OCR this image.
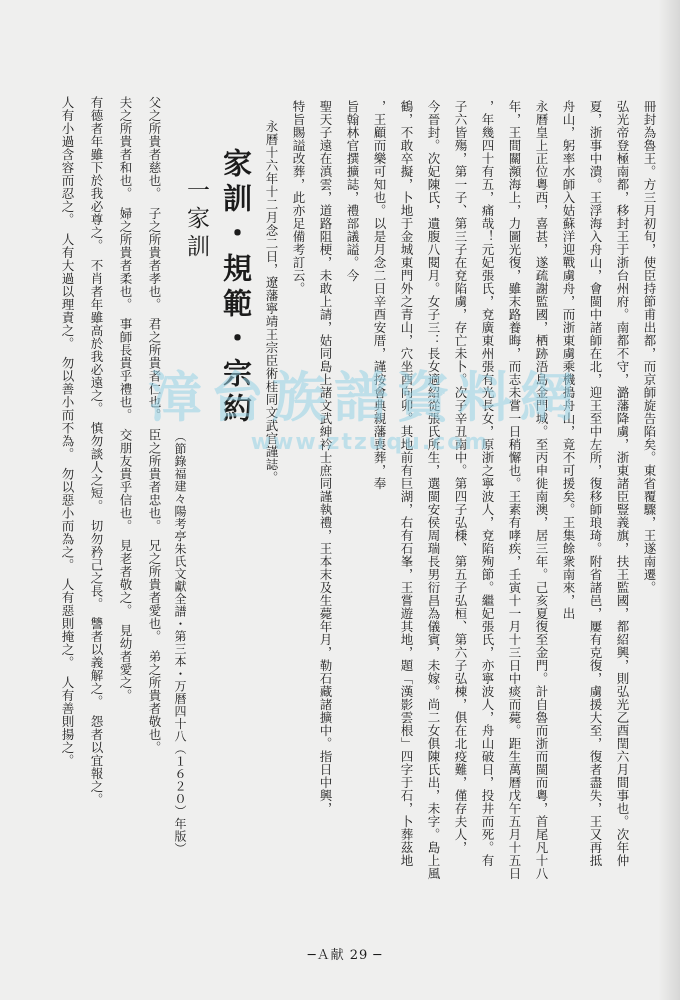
冊封為魯王。方三月初旬，使臣持節甫出都，而京師旋告陷矣。東省覆驟，王遂南遷。
弘光帝登極南都，移封王于浙台州府。南都不守，潞藩降虜，浙東諸臣豎義旗，扶王監國，都紹興，則弘光乙酉閏六月間事也。次年仲
夏，浙事中潰。王浮海入舟山，會閩中諸師在北，迎王至中左所，復移師琅琦。附省諸邑，屢有克復，虜援大至，復者盡失，王又再抵
舟山，躬率水師入姑蘇洋迎戰虜舟，而浙東虜乘機搗舟山，竟不可援矣。王集餘衆南來，出
永曆皇上正位粵西，喜甚，遂疏謝監國，栖跡浯島金門城。至丙申徙南澳，居三年。己亥夏復至金門。計自魯而浙而閩而粵，首尾凡十八
年，王間關瀕海上，力圖光復，雖末路養晦，而志未嘗一日稍懈也。王素有哮疾，壬寅十一月十三日中痰而薨。距生萬曆戊午五月十五日
，年幾四十有五，痛哉！元妃張氏，兗廣東州張有光長女，原浙之寧波人，兗陷殉節。繼妃張氏，亦寧波人，舟山破日，投井而死。有
子六皆殤，第一子、第三子在兗陷虜，存亡未卜。次子辛丑南中。第四子弘棅、第五子弘桓、第六子弘棟，俱在北疫難，僅存夫人，
今晉封。次妃陳氏，遺腹八閱月。女子三：長女適紹從張氏所生，選閩安侯周瑞長男衍昌為儀賓，未嫁。尚二女俱陳氏出，未字。島上風
鶴，不敢卒擬，卜地于金城東門外之青山，穴坐酉向卯。其地前有巨湖，右有石峯，王嘗遊其地，題「漢影雲根」四字于石，卜葬茲地
，王顧而樂可知也。以是月念二日辛酉安厝，謹按會典親藩喪葬，奉
旨翰林官撰擴誌，禮部議謚。今
聖天子遠在滇雲，道路阻梗，未敢上請，姑同島上諸文武紳衿士庶同謹執禮，王本末及生薨年月，勒石藏諸擴中。指日中興，
特旨賜謚改葬，此亦足備考訂云。
永曆十六年十二月念二日，遼藩寧靖王宗臣術桂同文武官謹誌。
家訓・規範・宗約
一家訓
（節錄福建々陽考亭朱氏文獻全譜・第三本・万暦四十八（１６２０）年版）
父之所貴者慈也。　子之所貴者孝也。　君之所貴者仁也。　臣之所貴者忠也。　兄之所貴者愛也。　弟之所貴者敬也。
夫之所貴者和也。　婦之所貴者柔也。　事師長貴乎禮也。　交朋友貴乎信也。　見老者敬之。　見幼者愛之。
有德者年雖下於我必尊之。　不肖者年雖高於我必遠之。　慎勿談人之短。　切勿矜己之長。　讐者以義解之。　怨者以宜報之。
人有小過含容而忍之。　人有大過以理責之。　勿以善小而不為。　勿以惡小而為之。　人有惡則掩之。　人有善則揚之。	漳台族譜資料網
www.ztzuqu.com
─Ａ献 29 ─
